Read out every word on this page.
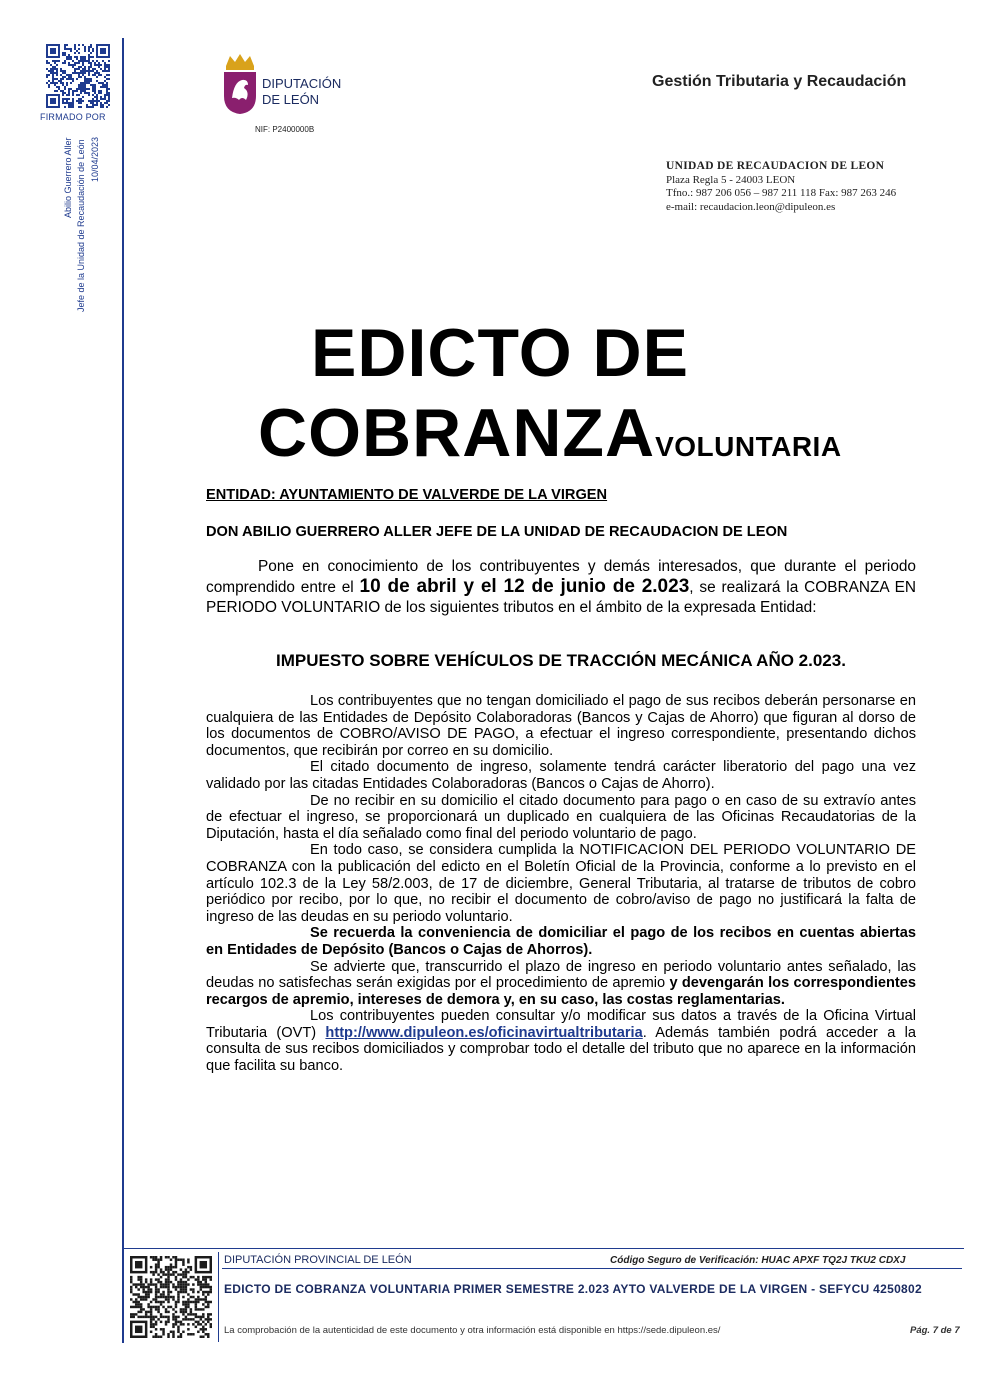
FIRMADO POR
10/04/2023
Abilio Guerrero Aller Jefe de la Unidad de Recaudación de León
DIPUTACIÓN
DE LEÓN
NIF: P2400000B
Gestión Tributaria y Recaudación
UNIDAD DE RECAUDACION DE LEON
Plaza Regla 5 - 24003 LEON
Tfno.: 987 206 056 – 987 211 118 Fax: 987 263 246
e-mail: recaudacion.leon@dipuleon.es
EDICTO DE
COBRANZAVOLUNTARIA
ENTIDAD: AYUNTAMIENTO DE VALVERDE DE LA VIRGEN
DON ABILIO GUERRERO ALLER JEFE DE LA UNIDAD DE RECAUDACION DE LEON
Pone en conocimiento de los contribuyentes y demás interesados, que durante el periodo comprendido entre el 10 de abril y el 12 de junio de 2.023, se realizará la COBRANZA EN PERIODO VOLUNTARIO de los siguientes tributos en el ámbito de la expresada Entidad:
IMPUESTO SOBRE VEHÍCULOS DE TRACCIÓN MECÁNICA AÑO 2.023.

Los contribuyentes que no tengan domiciliado el pago de sus recibos deberán personarse en cualquiera de las Entidades de Depósito Colaboradoras (Bancos y Cajas de Ahorro) que figuran al dorso de los documentos de COBRO/AVISO DE PAGO, a efectuar el ingreso correspondiente, presentando dichos documentos, que recibirán por correo en su domicilio.

El citado documento de ingreso, solamente tendrá carácter liberatorio del pago una vez validado por las citadas Entidades Colaboradoras (Bancos o Cajas de Ahorro).

De no recibir en su domicilio el citado documento para pago o en caso de su extravío antes de efectuar el ingreso, se proporcionará un duplicado en cualquiera de las Oficinas Recaudatorias de la Diputación, hasta el día señalado como final del periodo voluntario de pago.

En todo caso, se considera cumplida la NOTIFICACION DEL PERIODO VOLUNTARIO DE COBRANZA con la publicación del edicto en el Boletín Oficial de la Provincia, conforme a lo previsto en el artículo 102.3 de la Ley 58/2.003, de 17 de diciembre, General Tributaria, al tratarse de tributos de cobro periódico por recibo, por lo que, no recibir el documento de cobro/aviso de pago no justificará la falta de ingreso de las deudas en su periodo voluntario.

Se recuerda la conveniencia de domiciliar el pago de los recibos en cuentas abiertas en Entidades de Depósito (Bancos o Cajas de Ahorros).

Se advierte que, transcurrido el plazo de ingreso en periodo voluntario antes señalado, las deudas no satisfechas serán exigidas por el procedimiento de apremio y devengarán los correspondientes recargos de apremio, intereses de demora y, en su caso, las costas reglamentarias.

Los contribuyentes pueden consultar y/o modificar sus datos a través de la Oficina Virtual Tributaria (OVT) http://www.dipuleon.es/oficinavirtualtributaria. Además también podrá acceder a la consulta de sus recibos domiciliados y comprobar todo el detalle del tributo que no aparece en la información que facilita su banco.

DIPUTACIÓN PROVINCIAL DE LEÓN	Código Seguro de Verificación: HUAC APXF TQ2J TKU2 CDXJ
EDICTO DE COBRANZA VOLUNTARIA PRIMER SEMESTRE 2.023 AYTO VALVERDE DE LA VIRGEN - SEFYCU 4250802
La comprobación de la autenticidad de este documento y otra información está disponible en https://sede.dipuleon.es/	Pág. 7 de 7
